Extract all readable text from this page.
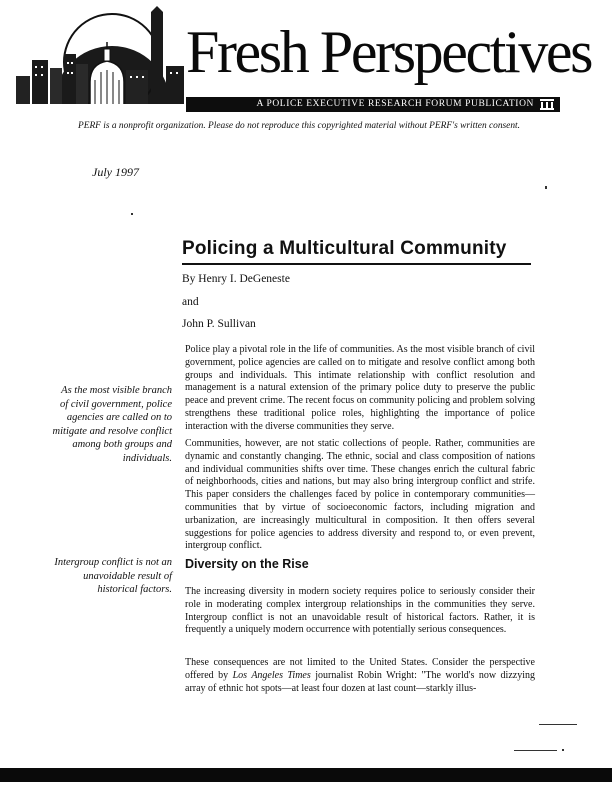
Fresh Perspectives
A POLICE EXECUTIVE RESEARCH FORUM PUBLICATION
PERF is a nonprofit organization. Please do not reproduce this copyrighted material without PERF's written consent.
July 1997
Policing a Multicultural Community
By Henry I. DeGeneste
and
John P. Sullivan

Police play a pivotal role in the life of communities. As the most visible branch of civil government, police agencies are called on to mitigate and resolve conflict among both groups and individuals. This intimate relationship with conflict resolution and management is a natural extension of the primary police duty to preserve the public peace and prevent crime. The recent focus on community policing and problem solving strengthens these traditional police roles, highlighting the importance of police interaction with the diverse communities they serve.

Communities, however, are not static collections of people. Rather, communities are dynamic and constantly changing. The ethnic, social and class composition of nations and individual communities shifts over time. These changes enrich the cultural fabric of neighborhoods, cities and nations, but may also bring intergroup conflict and strife. This paper considers the challenges faced by police in contemporary communities—communities that by virtue of socioeconomic factors, including migration and urbanization, are increasingly multicultural in composition. It then offers several suggestions for police agencies to address diversity and respond to, or even prevent, intergroup conflict.

Diversity on the Rise

The increasing diversity in modern society requires police to seriously consider their role in moderating complex intergroup relationships in the communities they serve. Intergroup conflict is not an unavoidable result of historical factors. Rather, it is frequently a uniquely modern occurrence with potentially serious consequences.

These consequences are not limited to the United States. Consider the perspective offered by Los Angeles Times journalist Robin Wright: "The world's now dizzying array of ethnic hot spots—at least four dozen at last count—starkly illus-

As the most visible branch of civil government, police agencies are called on to mitigate and resolve conflict among both groups and individuals.

Intergroup conflict is not an unavoidable result of historical factors.
